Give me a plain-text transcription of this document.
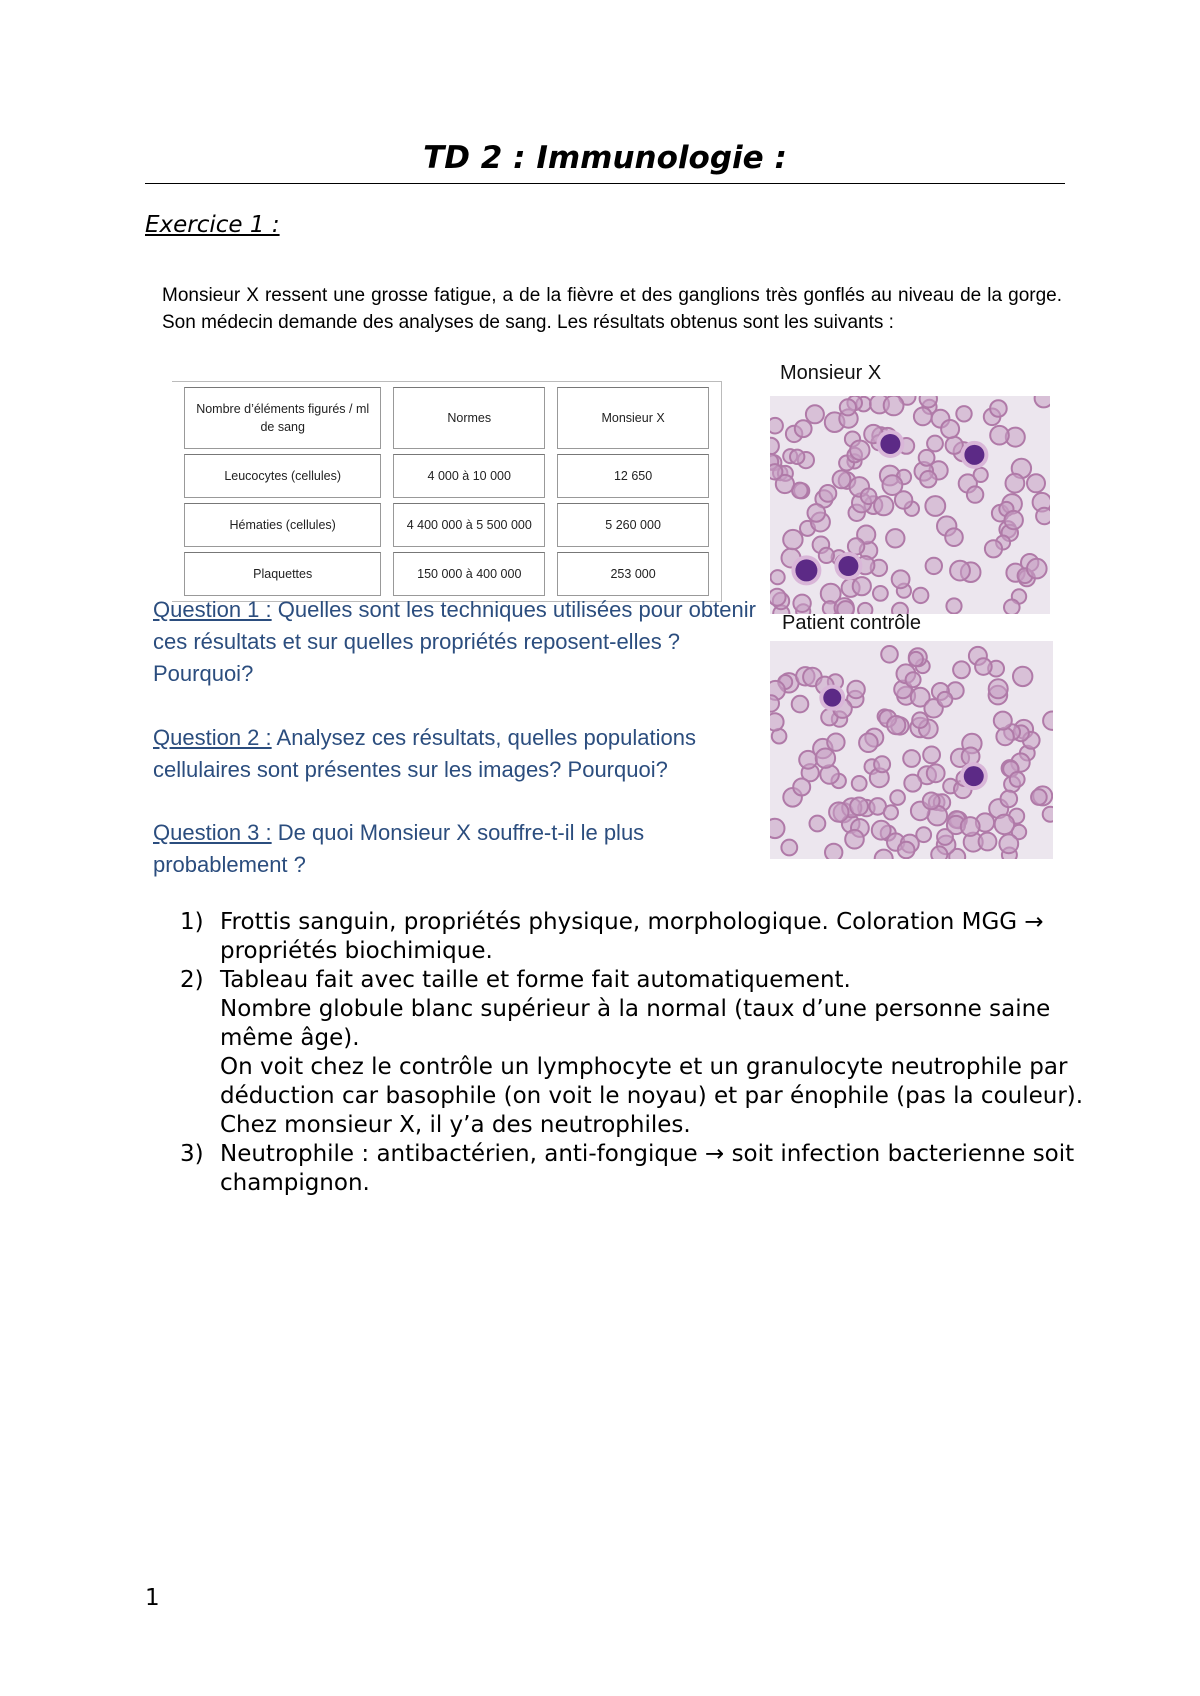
TD 2 : Immunologie :
Exercice 1 :
Monsieur X ressent une grosse fatigue, a de la fièvre et des ganglions très gonflés au niveau de la gorge. Son médecin demande des analyses de sang. Les résultats obtenus sont les suivants :
Nombre d’éléments figurés / ml de sang	Normes	Monsieur X
Leucocytes (cellules)	4 000 à 10 000	12 650
Hématies (cellules)	4 400 000 à 5 500 000	5 260 000
Plaquettes	150 000 à 400 000	253 000
Monsieur X
Patient contrôle
Question 1 : Quelles sont les techniques utilisées pour obtenir ces résultats et sur quelles propriétés reposent-elles ? Pourquoi?
Question 2 : Analysez ces résultats, quelles populations cellulaires sont présentes sur les images? Pourquoi?
Question 3 : De quoi Monsieur X souffre-t-il le plus probablement ?
1) Frottis sanguin, propriétés physique, morphologique. Coloration MGG → propriétés biochimique.
2) Tableau fait avec taille et forme fait automatiquement.
Nombre globule blanc supérieur à la normal (taux d’une personne saine même âge).
On voit chez le contrôle un lymphocyte et un granulocyte neutrophile par déduction car basophile (on voit le noyau) et par énophile (pas la couleur).
Chez monsieur X, il y’a des neutrophiles.
3) Neutrophile : antibactérien, anti-fongique → soit infection bacterienne soit champignon.
1
